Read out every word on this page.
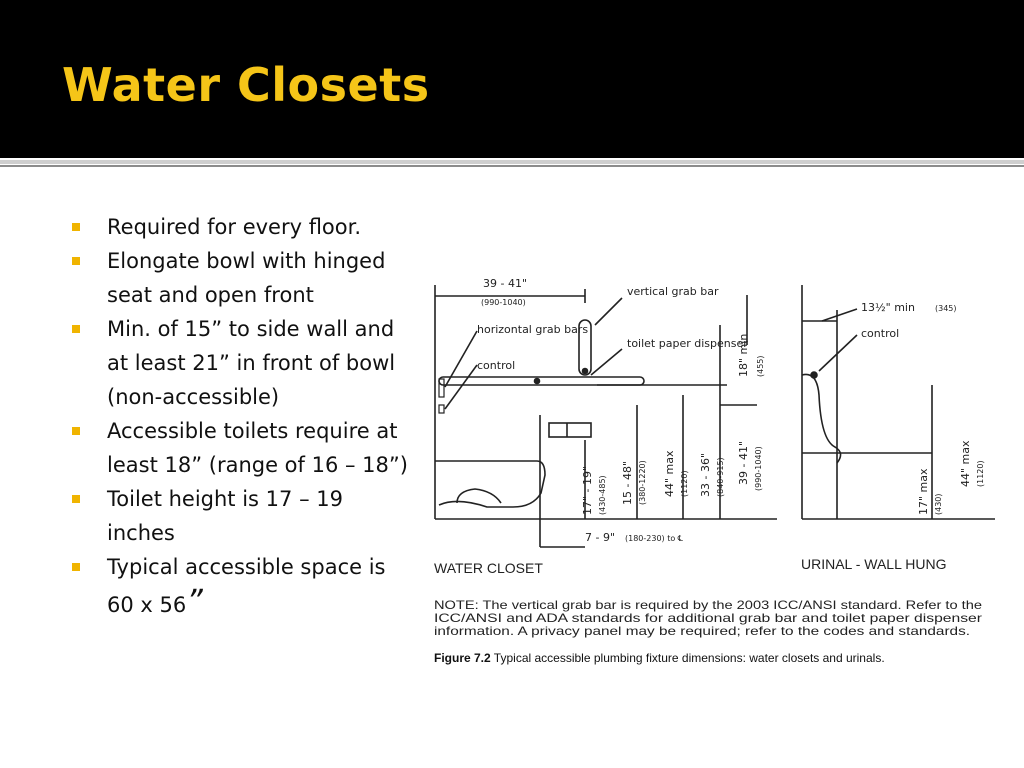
Water Closets
Required for every floor.
Elongate bowl with hinged seat and open front
Min. of 15” to side wall and at least 21” in front of bowl (non-accessible)
Accessible toilets require at least 18” (range of 16 – 18”)
Toilet height is 17 – 19 inches
Typical accessible space is 60 x 56”
39 - 41"
(990-1040)
vertical grab bar
horizontal grab bars
control
toilet paper dispenser
18" min (455)
17" - 19" (430-485) 15 - 48" (380-1220) 44" max (1120) 33 - 36" (840-915) 39 - 41" (990-1040)
7 - 9" (180-230) to ℄
13½" min	(345)
control
17" max (430)
44" max (1120)
WATER CLOSET	URINAL - WALL HUNG
NOTE: The vertical grab bar is required by the 2003 ICC/ANSI standard. Refer to the
ICC/ANSI and ADA standards for additional grab bar and toilet paper dispenser
information. A privacy panel may be required; refer to the codes and standards.
Figure 7.2 Typical accessible plumbing fixture dimensions: water closets and urinals.
